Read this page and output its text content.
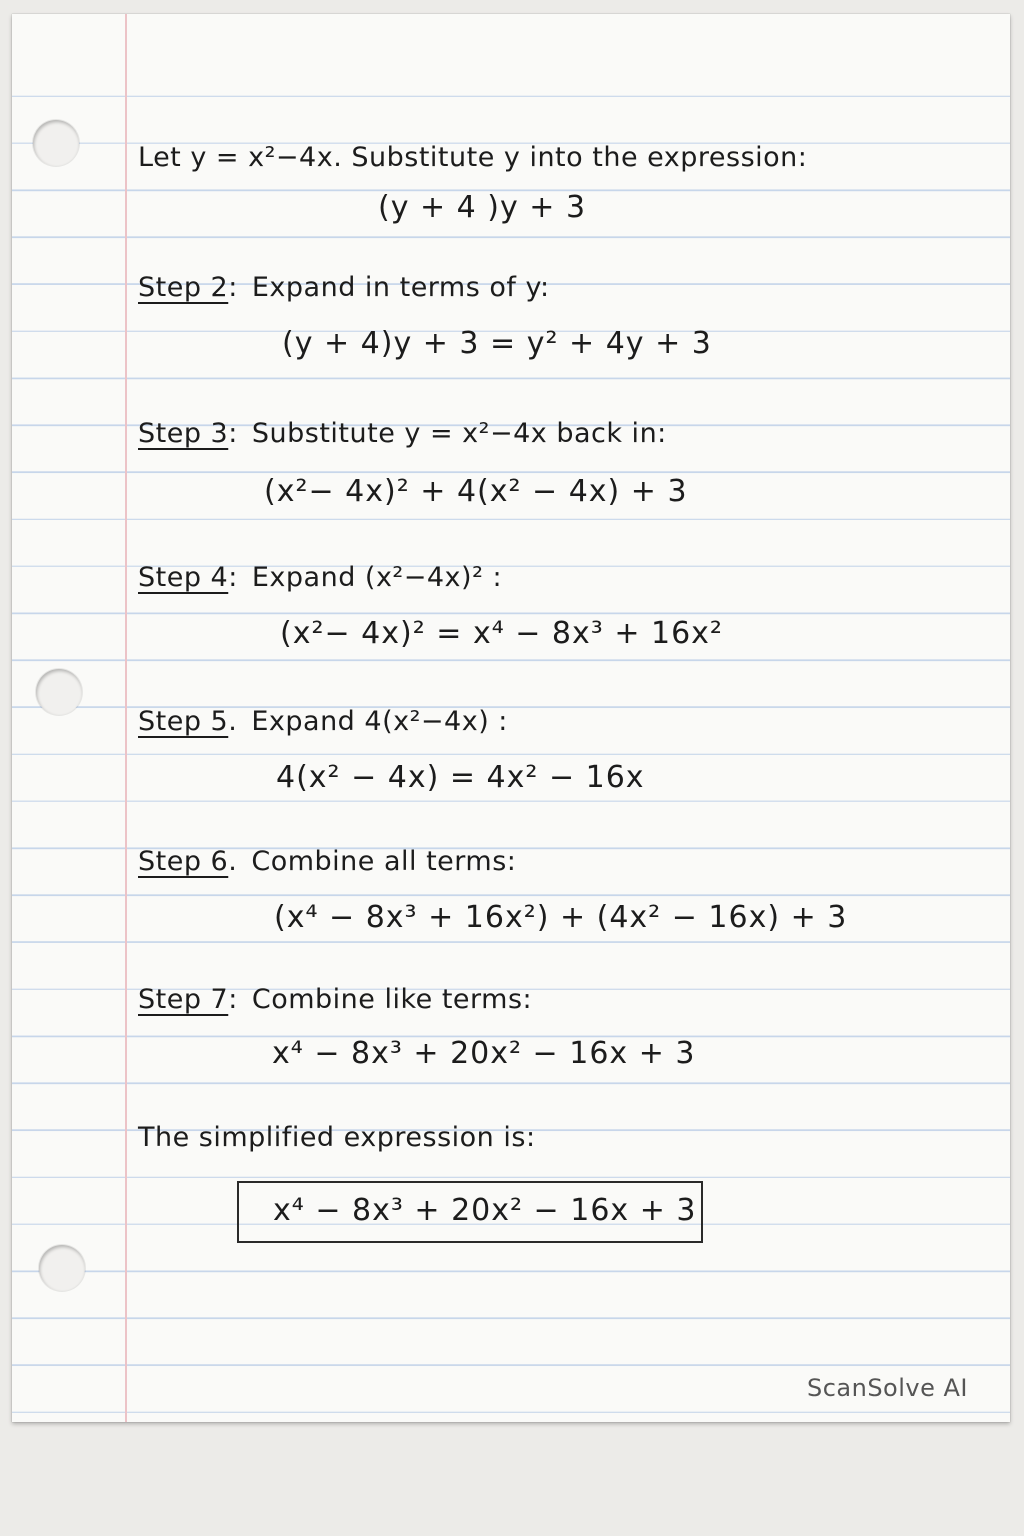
Let y = x²−4x. Substitute y into the expression:
(y + 4 )y + 3
Step 2: Expand in terms of y:
(y + 4)y + 3 = y² + 4y + 3
Step 3: Substitute y = x²−4x back in:
(x²− 4x)² + 4(x² − 4x) + 3
Step 4: Expand (x²−4x)² :
(x²− 4x)² = x⁴ − 8x³ + 16x²
Step 5. Expand 4(x²−4x) :
4(x² − 4x) = 4x² − 16x
Step 6. Combine all terms:
(x⁴ − 8x³ + 16x²) + (4x² − 16x) + 3
Step 7: Combine like terms:
x⁴ − 8x³ + 20x² − 16x + 3
The simplified expression is:
x⁴ − 8x³ + 20x² − 16x + 3
ScanSolve AI
